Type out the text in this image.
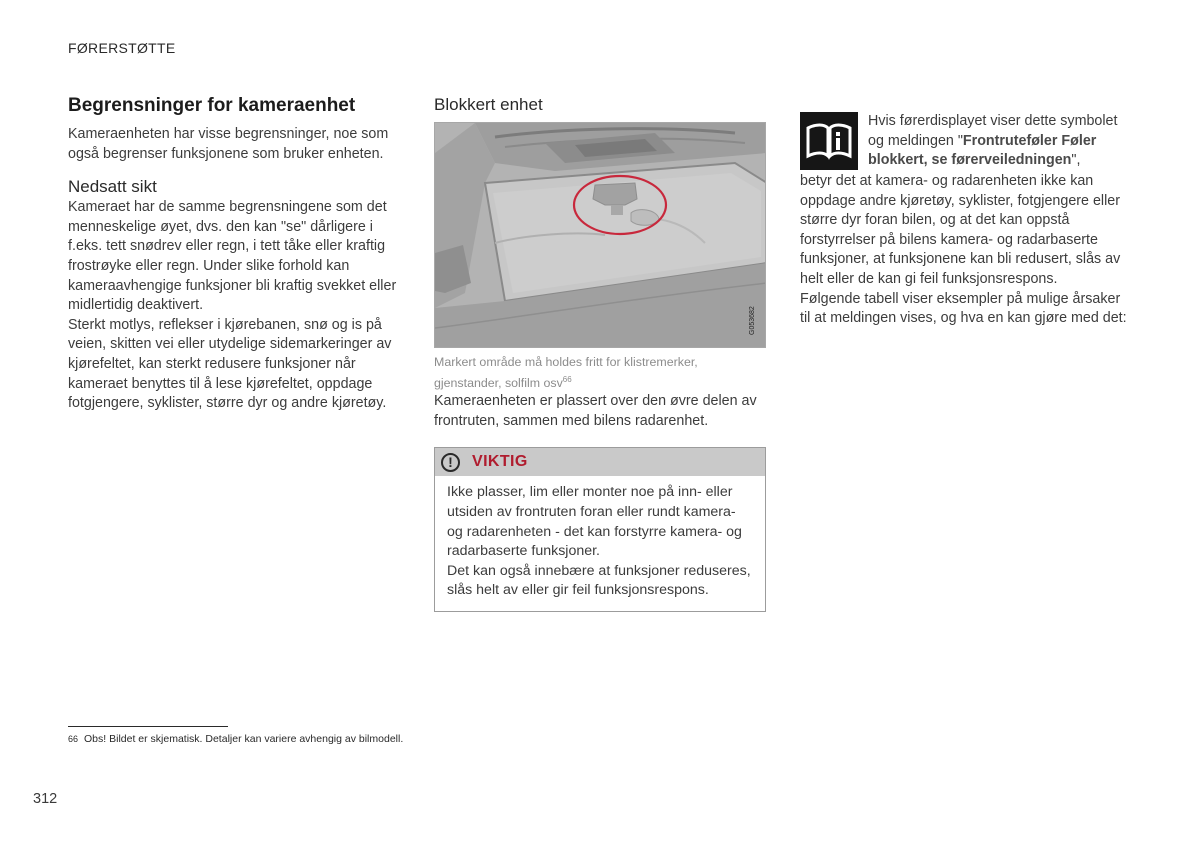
FØRERSTØTTE
Begrensninger for kameraenhet

Kameraenheten har visse begrensninger, noe som også begrenser funksjonene som bruker enheten.

Nedsatt sikt

Kameraet har de samme begrensningene som det menneskelige øyet, dvs. den kan "se" dårligere i f.eks. tett snødrev eller regn, i tett tåke eller kraftig frostrøyke eller regn. Under slike forhold kan kameraavhengige funksjoner bli kraftig svekket eller midlertidig deaktivert.

Sterkt motlys, reflekser i kjørebanen, snø og is på veien, skitten vei eller utydelige sidemarkeringer av kjørefeltet, kan sterkt redusere funksjoner når kameraet benyttes til å lese kjørefeltet, oppdage fotgjengere, syklister, større dyr og andre kjøretøy.

Blokkert enhet
G053682
Markert område må holdes fritt for klistremerker, gjenstander, solfilm osv$^{66}$

Kameraenheten er plassert over den øvre delen av frontruten, sammen med bilens radarenhet.

!	VIKTIG

Ikke plasser, lim eller monter noe på inn- eller utsiden av frontruten foran eller rundt kamera- og radarenheten - det kan forstyrre kamera- og radarbaserte funksjoner.

Det kan også innebære at funksjoner reduseres, slås helt av eller gir feil funksjonsrespons.

Hvis førerdisplayet viser dette symbolet og meldingen "Frontruteføler Føler blokkert, se førerveiledningen",

betyr det at kamera- og radarenheten ikke kan oppdage andre kjøretøy, syklister, fotgjengere eller større dyr foran bilen, og at det kan oppstå forstyrrelser på bilens kamera- og radarbaserte funksjoner, at funksjonene kan bli redusert, slås av helt eller de kan gi feil funksjonsrespons.

Følgende tabell viser eksempler på mulige årsaker til at meldingen vises, og hva en kan gjøre med det:

66 Obs! Bildet er skjematisk. Detaljer kan variere avhengig av bilmodell.
312
